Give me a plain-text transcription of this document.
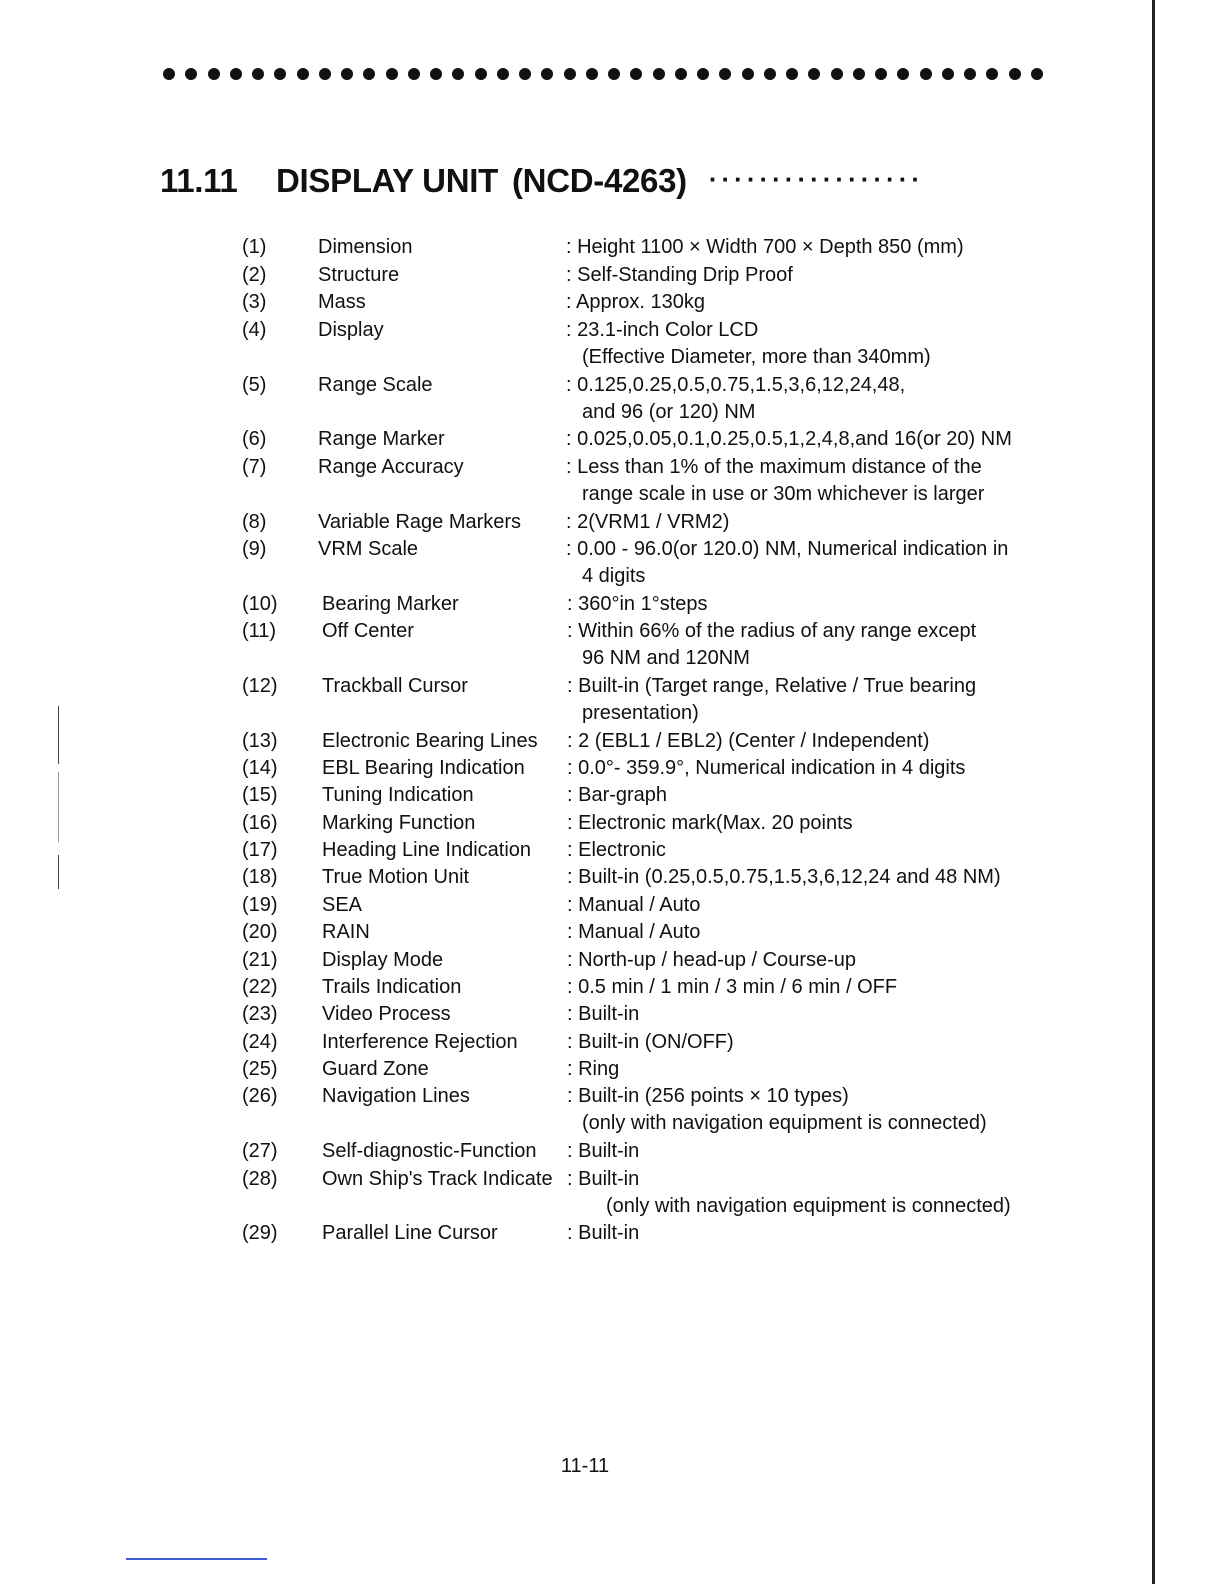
11.11	DISPLAY UNIT (NCD-4263) ·················
(1)	Dimension	: Height 1100 × Width 700 × Depth 850 (mm)
(2)	Structure	: Self-Standing Drip Proof
(3)	Mass	: Approx. 130kg
(4)	Display	: 23.1-inch Color LCD
(Effective Diameter, more than 340mm)
(5)	Range Scale	: 0.125,0.25,0.5,0.75,1.5,3,6,12,24,48,
and 96 (or 120) NM
(6)	Range Marker	: 0.025,0.05,0.1,0.25,0.5,1,2,4,8,and 16(or 20) NM
(7)	Range Accuracy	: Less than 1% of the maximum distance of the
range scale in use or 30m whichever is larger
(8)	Variable Rage Markers : 2(VRM1 / VRM2)
(9)	VRM Scale	: 0.00 - 96.0(or 120.0) NM, Numerical indication in
4 digits
(10) Bearing Marker	: 360°in 1°steps
(11) Off Center	: Within 66% of the radius of any range except
96 NM and 120NM
(12) Trackball Cursor	: Built-in (Target range, Relative / True bearing
presentation)
(13) Electronic Bearing Lines : 2 (EBL1 / EBL2) (Center / Independent)
(14) EBL Bearing Indication : 0.0°- 359.9°, Numerical indication in 4 digits
(15) Tuning Indication	: Bar-graph
(16) Marking Function	: Electronic mark(Max. 20 points
(17) Heading Line Indication : Electronic
(18) True Motion Unit	: Built-in (0.25,0.5,0.75,1.5,3,6,12,24 and 48 NM)
(19) SEA	: Manual / Auto
(20) RAIN	: Manual / Auto
(21) Display Mode	: North-up / head-up / Course-up
(22) Trails Indication	: 0.5 min / 1 min / 3 min / 6 min / OFF
(23) Video Process	: Built-in
(24) Interference Rejection : Built-in (ON/OFF)
(25) Guard Zone	: Ring
(26) Navigation Lines	: Built-in (256 points × 10 types)
(only with navigation equipment is connected)
(27) Self-diagnostic-Function : Built-in
(28) Own Ship's Track Indicate : Built-in
(only with navigation equipment is connected)
(29) Parallel Line Cursor	: Built-in
11-11
